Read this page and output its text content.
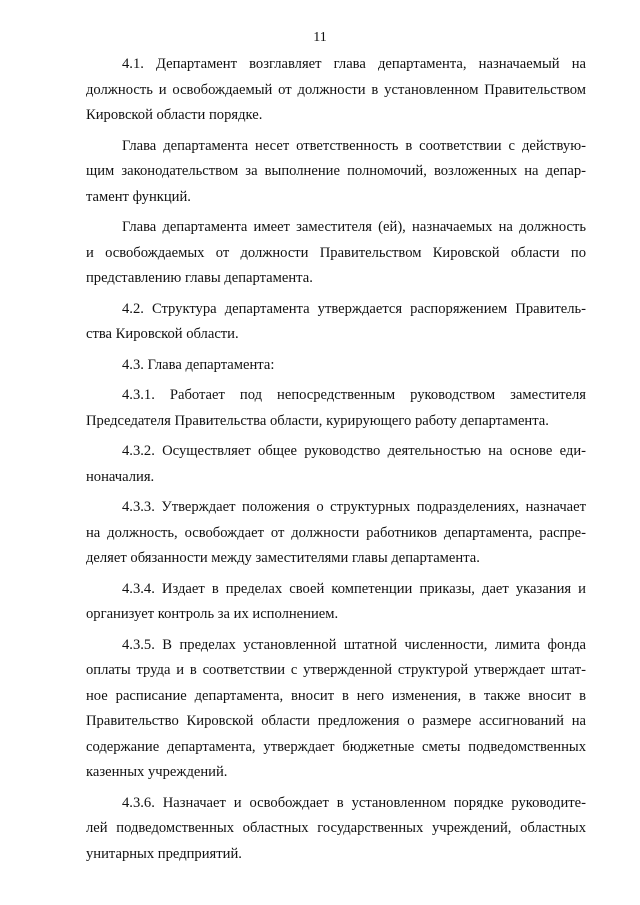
11

4.1. Департамент возглавляет глава департамента, назначаемый на
должность и освобождаемый от должности в установленном Правительством
Кировской области порядке.

Глава департамента несет ответственность в соответствии с действую-
щим законодательством за выполнение полномочий, возложенных на депар-
тамент функций.

Глава департамента имеет заместителя (ей), назначаемых на должность
и освобождаемых от должности Правительством Кировской области по
представлению главы департамента.

4.2. Структура департамента утверждается распоряжением Правитель-
ства Кировской области.

4.3. Глава департамента:

4.3.1. Работает под непосредственным руководством заместителя
Председателя Правительства области, курирующего работу департамента.

4.3.2. Осуществляет общее руководство деятельностью на основе еди-
ноначалия.

4.3.3. Утверждает положения о структурных подразделениях, назначает
на должность, освобождает от должности работников департамента, распре-
деляет обязанности между заместителями главы департамента.

4.3.4. Издает в пределах своей компетенции приказы, дает указания и
организует контроль за их исполнением.

4.3.5. В пределах установленной штатной численности, лимита фонда
оплаты труда и в соответствии с утвержденной структурой утверждает штат-
ное расписание департамента, вносит в него изменения, в также вносит в
Правительство Кировской области предложения о размере ассигнований на
содержание департамента, утверждает бюджетные сметы подведомственных
казенных учреждений.

4.3.6. Назначает и освобождает в установленном порядке руководите-
лей подведомственных областных государственных учреждений, областных
унитарных предприятий.
